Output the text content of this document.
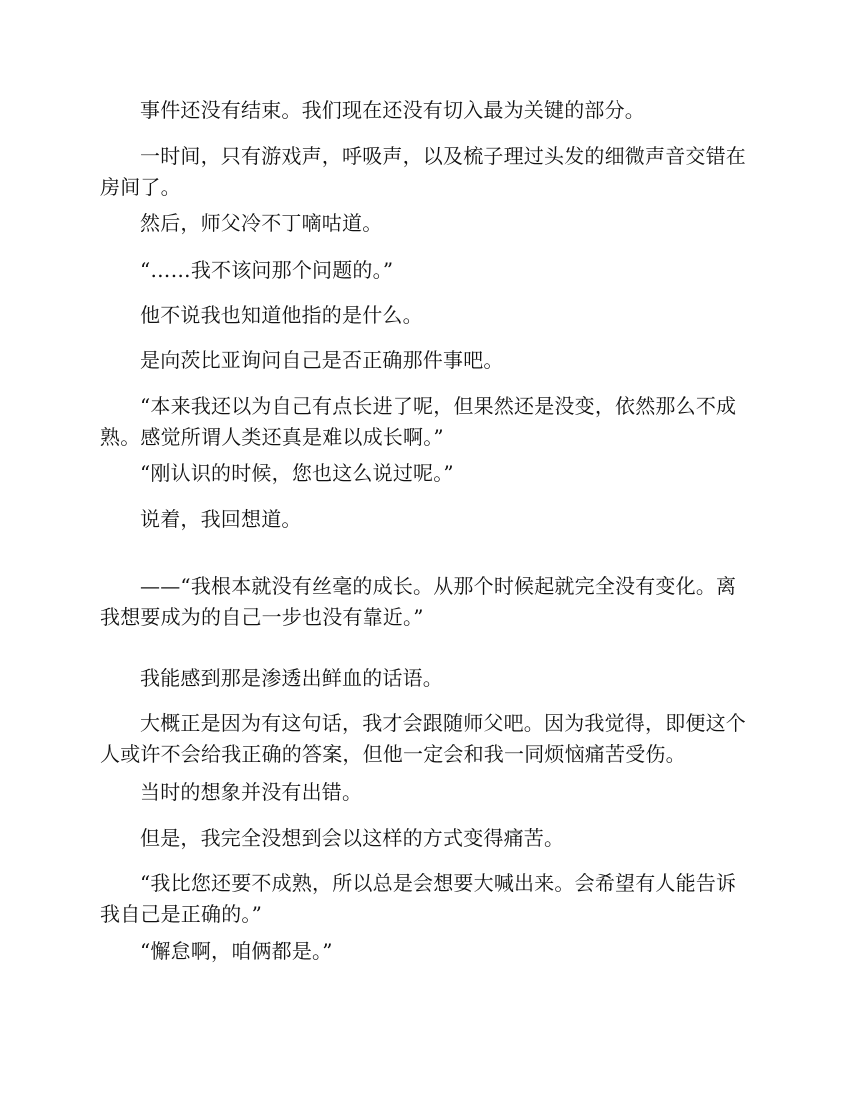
事件还没有结束。我们现在还没有切入最为关键的部分。

一时间，只有游戏声，呼吸声，以及梳子理过头发的细微声音交错在房间了。

然后，师父冷不丁嘀咕道。

“……我不该问那个问题的。”

他不说我也知道他指的是什么。

是向茨比亚询问自己是否正确那件事吧。

“本来我还以为自己有点长进了呢，但果然还是没变，依然那么不成熟。感觉所谓人类还真是难以成长啊。”

“刚认识的时候，您也这么说过呢。”

说着，我回想道。

——“我根本就没有丝毫的成长。从那个时候起就完全没有变化。离我想要成为的自己一步也没有靠近。”

我能感到那是渗透出鲜血的话语。

大概正是因为有这句话，我才会跟随师父吧。因为我觉得，即便这个人或许不会给我正确的答案，但他一定会和我一同烦恼痛苦受伤。

当时的想象并没有出错。

但是，我完全没想到会以这样的方式变得痛苦。

“我比您还要不成熟，所以总是会想要大喊出来。会希望有人能告诉我自己是正确的。”

“懈怠啊，咱俩都是。”
